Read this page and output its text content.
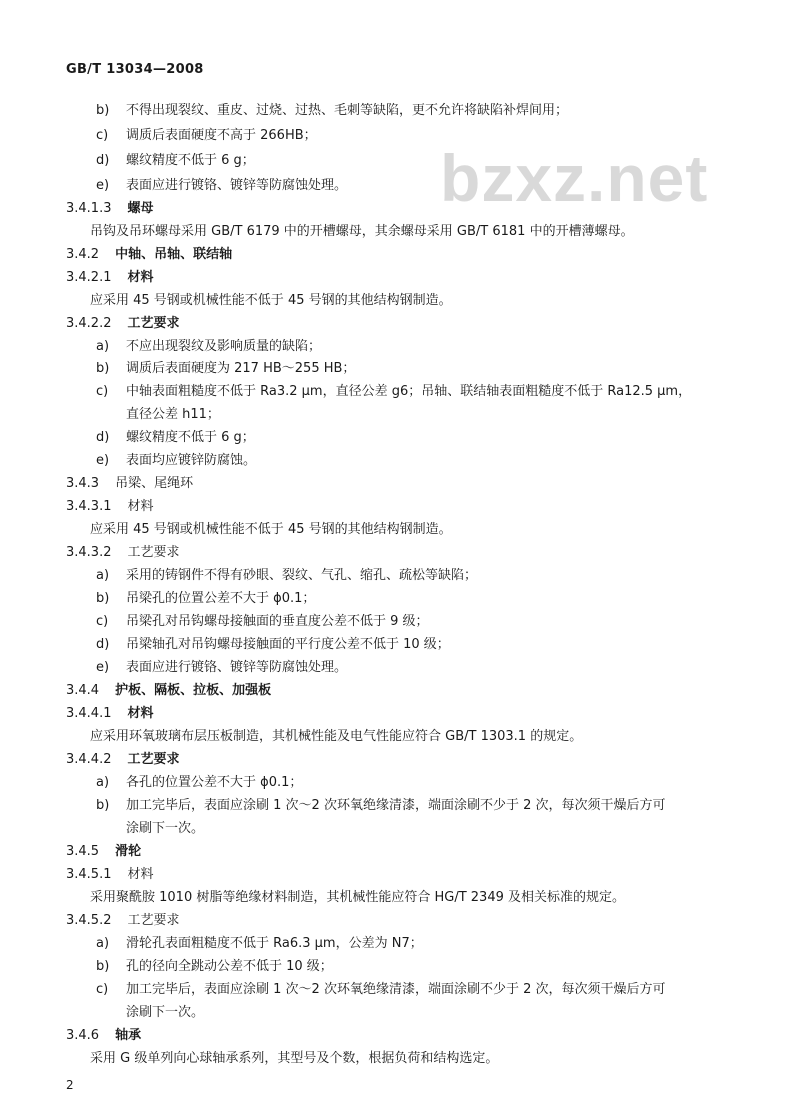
GB/T 13034—2008
bzxz.net
b) 不得出现裂纹、重皮、过烧、过热、毛刺等缺陷，更不允许将缺陷补焊间用；
c) 调质后表面硬度不高于 266HB；
d) 螺纹精度不低于 6 g；
e) 表面应进行镀铬、镀锌等防腐蚀处理。
3.4.1.3 螺母
吊钩及吊环螺母采用 GB/T 6179 中的开槽螺母，其余螺母采用 GB/T 6181 中的开槽薄螺母。
3.4.2 中轴、吊轴、联结轴
3.4.2.1 材料
应采用 45 号钢或机械性能不低于 45 号钢的其他结构钢制造。
3.4.2.2 工艺要求
a) 不应出现裂纹及影响质量的缺陷；
b) 调质后表面硬度为 217 HB～255 HB；
c) 中轴表面粗糙度不低于 Ra3.2 μm，直径公差 g6；吊轴、联结轴表面粗糙度不低于 Ra12.5 μm，
直径公差 h11；
d) 螺纹精度不低于 6 g；
e) 表面均应镀锌防腐蚀。
3.4.3 吊梁、尾绳环
3.4.3.1 材料
应采用 45 号钢或机械性能不低于 45 号钢的其他结构钢制造。
3.4.3.2 工艺要求
a) 采用的铸钢件不得有砂眼、裂纹、气孔、缩孔、疏松等缺陷；
b) 吊梁孔的位置公差不大于 ϕ0.1；
c) 吊梁孔对吊钩螺母接触面的垂直度公差不低于 9 级；
d) 吊梁轴孔对吊钩螺母接触面的平行度公差不低于 10 级；
e) 表面应进行镀铬、镀锌等防腐蚀处理。
3.4.4 护板、隔板、拉板、加强板
3.4.4.1 材料
应采用环氧玻璃布层压板制造，其机械性能及电气性能应符合 GB/T 1303.1 的规定。
3.4.4.2 工艺要求
a) 各孔的位置公差不大于 ϕ0.1；
b) 加工完毕后，表面应涂刷 1 次～2 次环氧绝缘清漆，端面涂刷不少于 2 次，每次须干燥后方可
涂刷下一次。
3.4.5 滑轮
3.4.5.1 材料
采用聚酰胺 1010 树脂等绝缘材料制造，其机械性能应符合 HG/T 2349 及相关标准的规定。
3.4.5.2 工艺要求
a) 滑轮孔表面粗糙度不低于 Ra6.3 μm，公差为 N7；
b) 孔的径向全跳动公差不低于 10 级；
c) 加工完毕后，表面应涂刷 1 次～2 次环氧绝缘清漆，端面涂刷不少于 2 次，每次须干燥后方可
涂刷下一次。
3.4.6 轴承
采用 G 级单列向心球轴承系列，其型号及个数，根据负荷和结构选定。
2
